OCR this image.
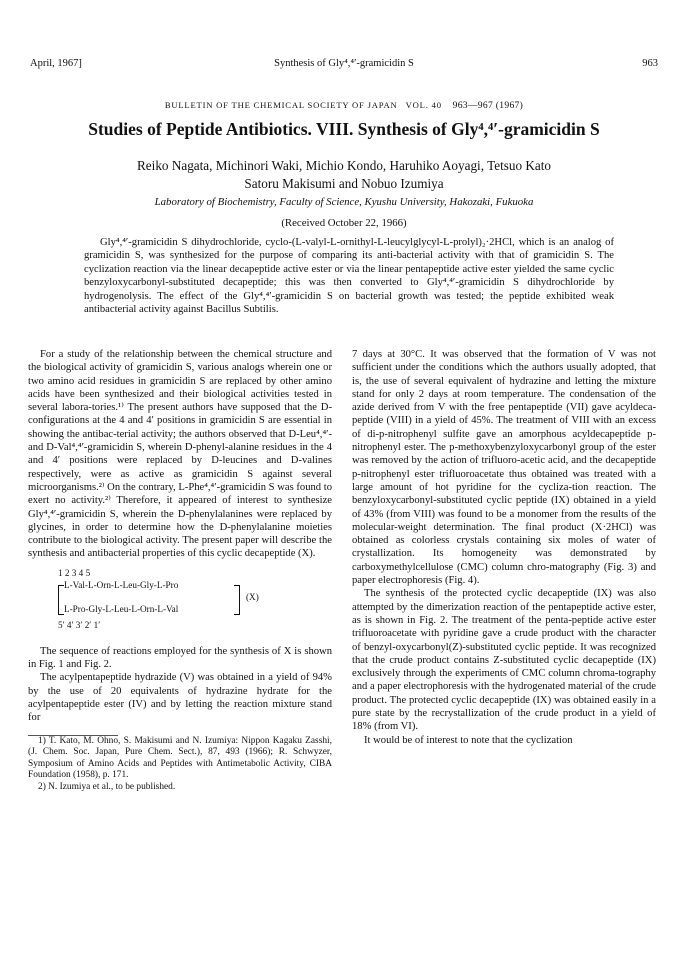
April, 1967]	Synthesis of Gly⁴,⁴′-gramicidin S	963
BULLETIN OF THE CHEMICAL SOCIETY OF JAPAN VOL. 40 963—967 (1967)
Studies of Peptide Antibiotics. VIII. Synthesis of Gly⁴,⁴′-gramicidin S
Reiko Nagata, Michinori Waki, Michio Kondo, Haruhiko Aoyagi, Tetsuo Kato
Satoru Makisumi and Nobuo Izumiya
Laboratory of Biochemistry, Faculty of Science, Kyushu University, Hakozaki, Fukuoka
(Received October 22, 1966)

Gly⁴,⁴′-gramicidin S dihydrochloride, cyclo-(L-valyl-L-ornithyl-L-leucylglycyl-L-prolyl)₂·2HCl, which is an analog of gramicidin S, was synthesized for the purpose of comparing its anti-bacterial activity with that of gramicidin S. The cyclization reaction via the linear decapeptide active ester or via the linear pentapeptide active ester yielded the same cyclic benzyloxycarbonyl-substituted decapeptide; this was then converted to Gly⁴,⁴′-gramicidin S dihydrochloride by hydrogenolysis. The effect of the Gly⁴,⁴′-gramicidin S on bacterial growth was tested; the peptide exhibited weak antibacterial activity against Bacillus Subtilis.

For a study of the relationship between the chemical structure and the biological activity of gramicidin S, various analogs wherein one or two amino acid residues in gramicidin S are replaced by other amino acids have been synthesized and their biological activities tested in several labora-tories.¹⁾ The present authors have supposed that the D-configurations at the 4 and 4′ positions in gramicidin S are essential in showing the antibac-terial activity; the authors observed that D-Leu⁴,⁴′- and D-Val⁴,⁴′-gramicidin S, wherein D-phenyl-alanine residues in the 4 and 4′ positions were replaced by D-leucines and D-valines respectively, were as active as gramicidin S against several microorganisms.²⁾ On the contrary, L-Phe⁴,⁴′-gramicidin S was found to exert no activity.²⁾ Therefore, it appeared of interest to synthesize Gly⁴,⁴′-gramicidin S, wherein the D-phenylalanines were replaced by glycines, in order to determine how the D-phenylalanine moieties contribute to the biological activity. The present paper will describe the synthesis and antibacterial properties of this cyclic decapeptide (X).

1 2 3 4 5
L-Val-L-Orn-L-Leu-Gly-L-Pro
L-Pro-Gly-L-Leu-L-Orn-L-Val
(X)
5′ 4′ 3′ 2′ 1′

The sequence of reactions employed for the synthesis of X is shown in Fig. 1 and Fig. 2.

The acylpentapeptide hydrazide (V) was obtained in a yield of 94% by the use of 20 equivalents of hydrazine hydrate for the acylpentapeptide ester (IV) and by letting the reaction mixture stand for

1) T. Kato, M. Ohno, S. Makisumi and N. Izumiya: Nippon Kagaku Zasshi, (J. Chem. Soc. Japan, Pure Chem. Sect.), 87, 493 (1966); R. Schwyzer, Symposium of Amino Acids and Peptides with Antimetabolic Activity, CIBA Foundation (1958), p. 171.

2) N. Izumiya et al., to be published.

7 days at 30°C. It was observed that the formation of V was not sufficient under the conditions which the authors usually adopted, that is, the use of several equivalent of hydrazine and letting the mixture stand for only 2 days at room temperature. The condensation of the azide derived from V with the free pentapeptide (VII) gave acyldeca-peptide (VIII) in a yield of 45%. The treatment of VIII with an excess of di-p-nitrophenyl sulfite gave an amorphous acyldecapeptide p-nitrophenyl ester. The p-methoxybenzyloxycarbonyl group of the ester was removed by the action of trifluoro-acetic acid, and the decapeptide p-nitrophenyl ester trifluoroacetate thus obtained was treated with a large amount of hot pyridine for the cycliza-tion reaction. The benzyloxycarbonyl-substituted cyclic peptide (IX) obtained in a yield of 43% (from VIII) was found to be a monomer from the results of the molecular-weight determination. The final product (X·2HCl) was obtained as colorless crystals containing six moles of water of crystallization. Its homogeneity was demonstrated by carboxymethylcellulose (CMC) column chro-matography (Fig. 3) and paper electrophoresis (Fig. 4).

The synthesis of the protected cyclic decapeptide (IX) was also attempted by the dimerization reaction of the pentapeptide active ester, as is shown in Fig. 2. The treatment of the penta-peptide active ester trifluoroacetate with pyridine gave a crude product with the character of benzyl-oxycarbonyl(Z)-substituted cyclic peptide. It was recognized that the crude product contains Z-substituted cyclic decapeptide (IX) exclusively through the experiments of CMC column chroma-tography and a paper electrophoresis with the hydrogenated material of the crude product. The protected cyclic decapeptide (IX) was obtained easily in a pure state by the recrystallization of the crude product in a yield of 18% (from VI).

It would be of interest to note that the cyclization
